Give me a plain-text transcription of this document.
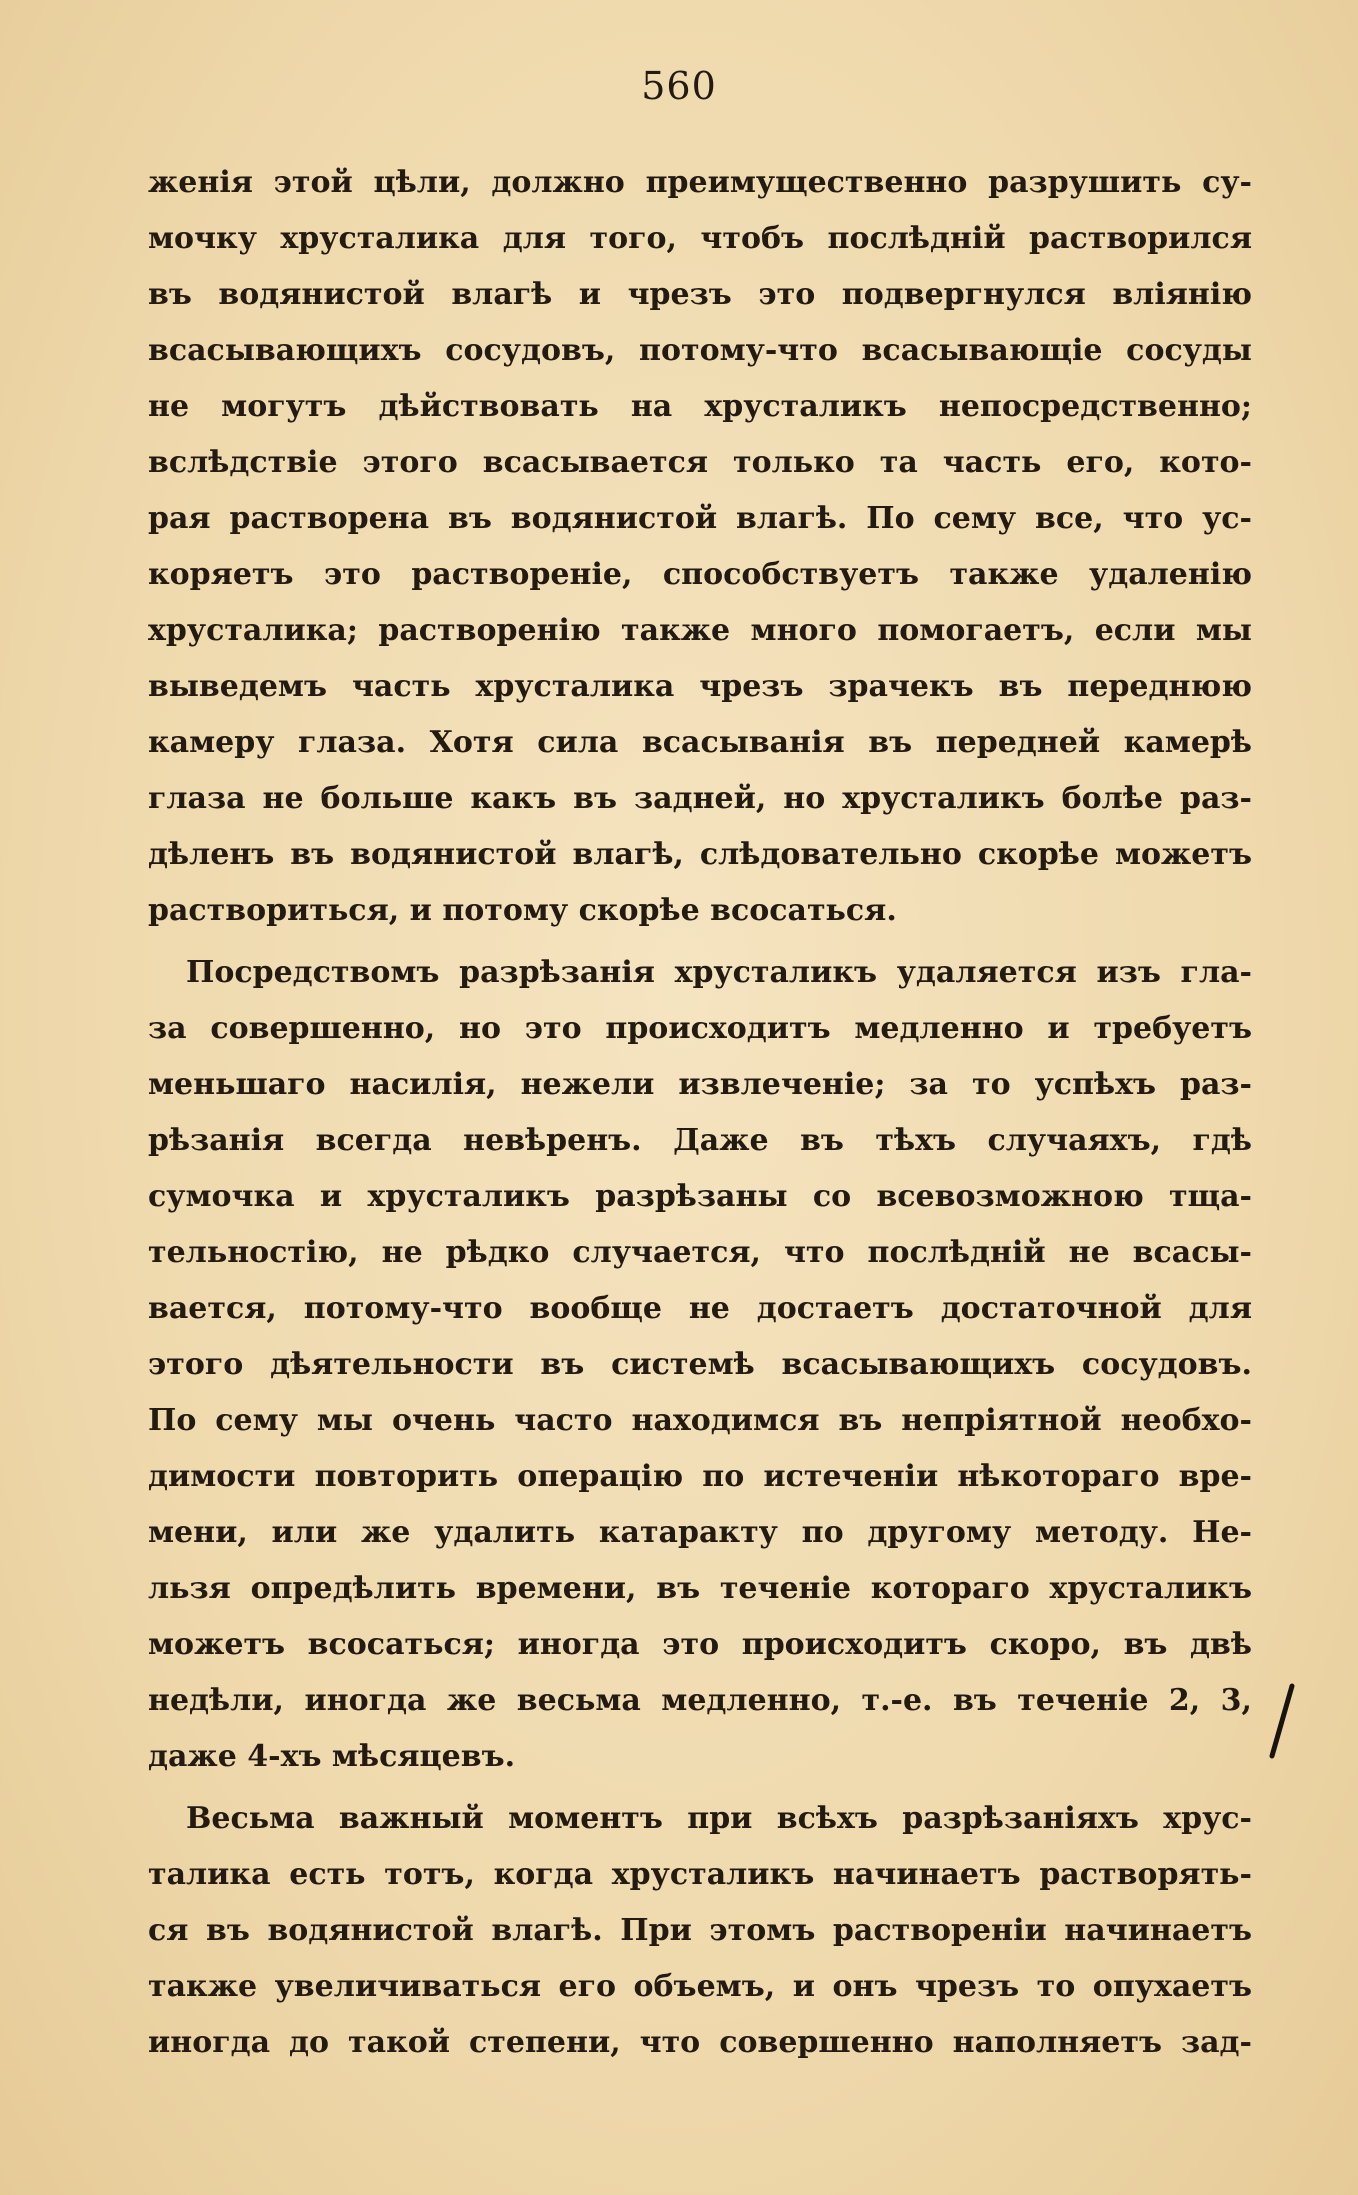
560
женія этой цѣли, должно преимущественно разрушить су-
мочку хрусталика для того, чтобъ послѣдній растворился
въ водянистой влагѣ и чрезъ это подвергнулся вліянію
всасывающихъ сосудовъ, потому-что всасывающіе сосуды
не могутъ дѣйствовать на хрусталикъ непосредственно;
вслѣдствіе этого всасывается только та часть его, кото-
рая растворена въ водянистой влагѣ. По сему все, что ус-
коряетъ это раствореніе, способствуетъ также удаленію
хрусталика; растворенію также много помогаетъ, если мы
выведемъ часть хрусталика чрезъ зрачекъ въ переднюю
камеру глаза. Хотя сила всасыванія въ передней камерѣ
глаза не больше какъ въ задней, но хрусталикъ болѣе раз-
дѣленъ въ водянистой влагѣ, слѣдовательно скорѣе можетъ
раствориться, и потому скорѣе всосаться.
Посредствомъ разрѣзанія хрусталикъ удаляется изъ гла-
за совершенно, но это происходитъ медленно и требуетъ
меньшаго насилія, нежели извлеченіе; за то успѣхъ раз-
рѣзанія всегда невѣренъ. Даже въ тѣхъ случаяхъ, гдѣ
сумочка и хрусталикъ разрѣзаны со всевозможною тща-
тельностію, не рѣдко случается, что послѣдній не всасы-
вается, потому-что вообще не достаетъ достаточной для
этого дѣятельности въ системѣ всасывающихъ сосудовъ.
По сему мы очень часто находимся въ непріятной необхо-
димости повторить операцію по истеченіи нѣкотораго вре-
мени, или же удалить катаракту по другому методу. Не-
льзя опредѣлить времени, въ теченіе котораго хрусталикъ
можетъ всосаться; иногда это происходитъ скоро, въ двѣ
недѣли, иногда же весьма медленно, т.-е. въ теченіе 2, 3,
даже 4-хъ мѣсяцевъ.
Весьма важный моментъ при всѣхъ разрѣзаніяхъ хрус-
талика есть тотъ, когда хрусталикъ начинаетъ растворять-
ся въ водянистой влагѣ. При этомъ раствореніи начинаетъ
также увеличиваться его объемъ, и онъ чрезъ то опухаетъ
иногда до такой степени, что совершенно наполняетъ зад-
